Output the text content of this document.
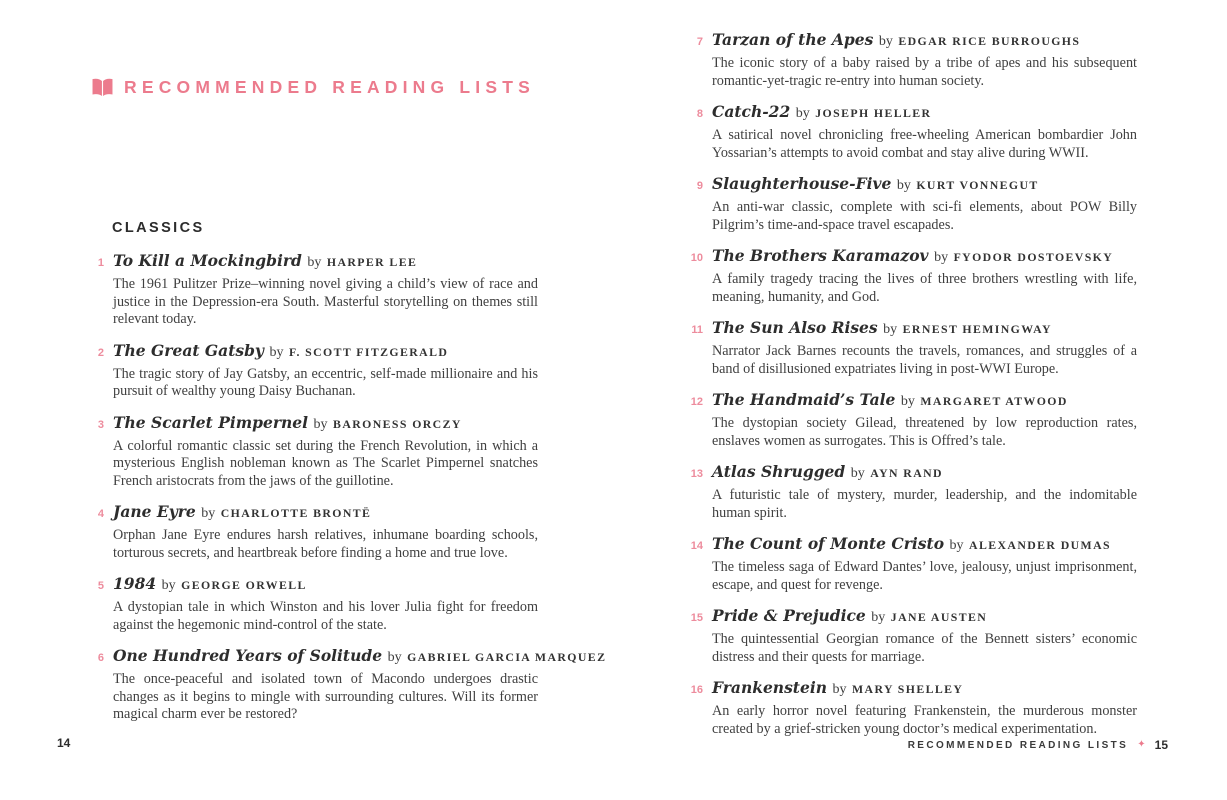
RECOMMENDED READING LISTS
CLASSICS
1 To Kill a Mockingbird by HARPER LEE
The 1961 Pulitzer Prize–winning novel giving a child’s view of race and justice in the Depression-era South. Masterful storytelling on themes still relevant today.
2 The Great Gatsby by F. SCOTT FITZGERALD
The tragic story of Jay Gatsby, an eccentric, self-made millionaire and his pursuit of wealthy young Daisy Buchanan.
3 The Scarlet Pimpernel by BARONESS ORCZY
A colorful romantic classic set during the French Revolution, in which a mysterious English nobleman known as The Scarlet Pimpernel snatches French aristocrats from the jaws of the guillotine.
4 Jane Eyre by CHARLOTTE BRONTË
Orphan Jane Eyre endures harsh relatives, inhumane boarding schools, torturous secrets, and heartbreak before finding a home and true love.
5 1984 by GEORGE ORWELL
A dystopian tale in which Winston and his lover Julia fight for freedom against the hegemonic mind-control of the state.
6 One Hundred Years of Solitude by GABRIEL GARCIA MARQUEZ
The once-peaceful and isolated town of Macondo undergoes drastic changes as it begins to mingle with surrounding cultures. Will its former magical charm ever be restored?
14
7 Tarzan of the Apes by EDGAR RICE BURROUGHS
The iconic story of a baby raised by a tribe of apes and his subsequent romantic-yet-tragic re-entry into human society.
8 Catch-22 by JOSEPH HELLER
A satirical novel chronicling free-wheeling American bombardier John Yossarian’s attempts to avoid combat and stay alive during WWII.
9 Slaughterhouse-Five by KURT VONNEGUT
An anti-war classic, complete with sci-fi elements, about POW Billy Pilgrim’s time-and-space travel escapades.
10 The Brothers Karamazov by FYODOR DOSTOEVSKY
A family tragedy tracing the lives of three brothers wrestling with life, meaning, humanity, and God.
11 The Sun Also Rises by ERNEST HEMINGWAY
Narrator Jack Barnes recounts the travels, romances, and struggles of a band of disillusioned expatriates living in post-WWI Europe.
12 The Handmaid’s Tale by MARGARET ATWOOD
The dystopian society Gilead, threatened by low reproduction rates, enslaves women as surrogates. This is Offred’s tale.
13 Atlas Shrugged by AYN RAND
A futuristic tale of mystery, murder, leadership, and the indomitable human spirit.
14 The Count of Monte Cristo by ALEXANDER DUMAS
The timeless saga of Edward Dantes’ love, jealousy, unjust imprisonment, escape, and quest for revenge.
15 Pride & Prejudice by JANE AUSTEN
The quintessential Georgian romance of the Bennett sisters’ economic distress and their quests for marriage.
16 Frankenstein by MARY SHELLEY
An early horror novel featuring Frankenstein, the murderous monster created by a grief-stricken young doctor’s medical experimentation.
RECOMMENDED READING LISTS ✦ 15
